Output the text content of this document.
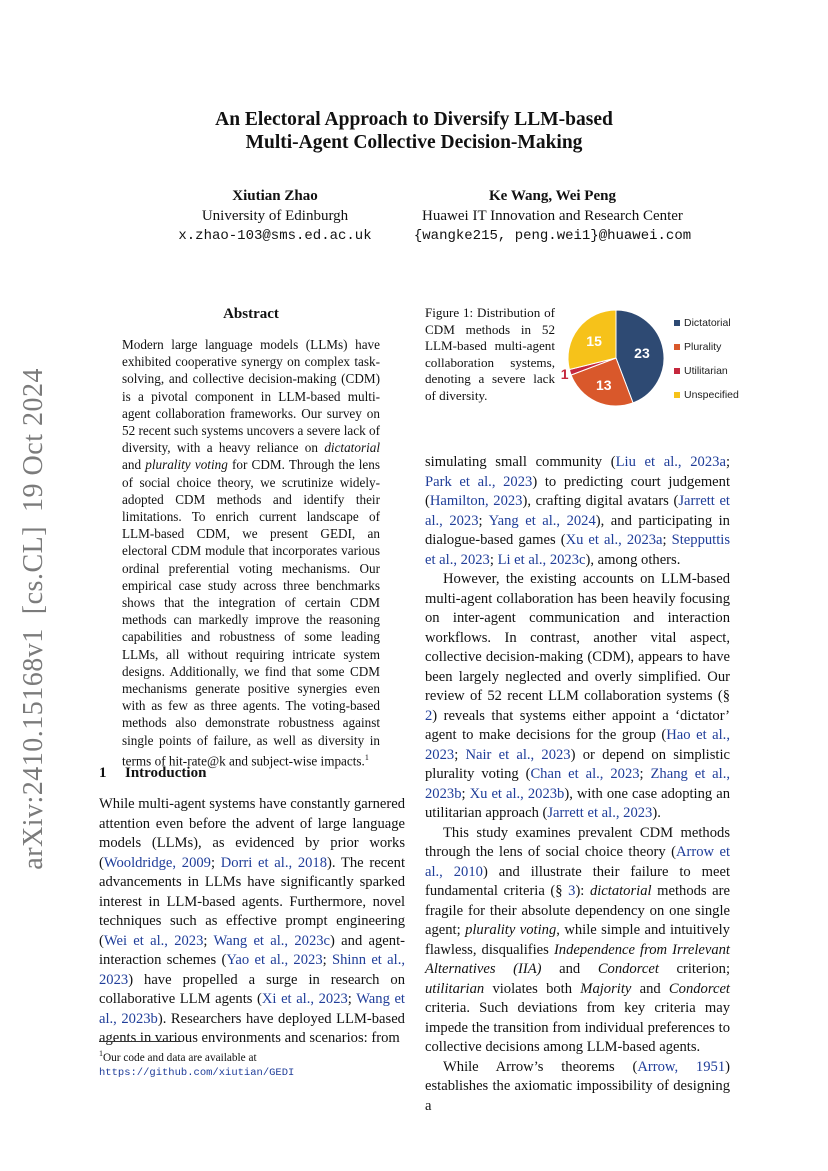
arXiv:2410.15168v1[cs.CL]19 Oct 2024
An Electoral Approach to Diversify LLM-based
Multi-Agent Collective Decision-Making
Xiutian Zhao
University of Edinburgh
x.zhao-103@sms.ed.ac.uk
Ke Wang, Wei Peng
Huawei IT Innovation and Research Center
{wangke215, peng.wei1}@huawei.com
Abstract
Modern large language models (LLMs) have exhibited cooperative synergy on complex task-solving, and collective decision-making (CDM) is a pivotal component in LLM-based multi-agent collaboration frameworks. Our survey on 52 recent such systems uncovers a severe lack of diversity, with a heavy reliance on dictatorial and plurality voting for CDM. Through the lens of social choice theory, we scrutinize widely-adopted CDM methods and identify their limitations. To enrich current landscape of LLM-based CDM, we present GEDI, an electoral CDM module that incorporates various ordinal preferential voting mechanisms. Our empirical case study across three benchmarks shows that the integration of certain CDM methods can markedly improve the reasoning capabilities and robustness of some leading LLMs, all without requiring intricate system designs. Additionally, we find that some CDM mechanisms generate positive synergies even with as few as three agents. The voting-based methods also demonstrate robustness against single points of failure, as well as diversity in terms of hit-rate@k and subject-wise impacts.$^1$
1 Introduction

While multi-agent systems have constantly garnered attention even before the advent of large language models (LLMs), as evidenced by prior works (Wooldridge, 2009; Dorri et al., 2018). The recent advancements in LLMs have significantly sparked interest in LLM-based agents. Furthermore, novel techniques such as effective prompt engineering (Wei et al., 2023; Wang et al., 2023c) and agent-interaction schemes (Yao et al., 2023; Shinn et al., 2023) have propelled a surge in research on collaborative LLM agents (Xi et al., 2023; Wang et al., 2023b). Researchers have deployed LLM-based agents in various environments and scenarios: from

$^1$Our code and data are available at https://github.com/xiutian/GEDI
Figure 1: Distribution of CDM methods in 52 LLM-based multi-agent collaboration systems, denoting a severe lack of diversity.
23
13
1
15
Dictatorial
Plurality
Utilitarian
Unspecified

simulating small community (Liu et al., 2023a; Park et al., 2023) to predicting court judgement (Hamilton, 2023), crafting digital avatars (Jarrett et al., 2023; Yang et al., 2024), and participating in dialogue-based games (Xu et al., 2023a; Stepputtis et al., 2023; Li et al., 2023c), among others.

However, the existing accounts on LLM-based multi-agent collaboration has been heavily focusing on inter-agent communication and interaction workflows. In contrast, another vital aspect, collective decision-making (CDM), appears to have been largely neglected and overly simplified. Our review of 52 recent LLM collaboration systems (§ 2) reveals that systems either appoint a ‘dictator’ agent to make decisions for the group (Hao et al., 2023; Nair et al., 2023) or depend on simplistic plurality voting (Chan et al., 2023; Zhang et al., 2023b; Xu et al., 2023b), with one case adopting an utilitarian approach (Jarrett et al., 2023).

This study examines prevalent CDM methods through the lens of social choice theory (Arrow et al., 2010) and illustrate their failure to meet fundamental criteria (§ 3): dictatorial methods are fragile for their absolute dependency on one single agent; plurality voting, while simple and intuitively flawless, disqualifies Independence from Irrelevant Alternatives (IIA) and Condorcet criterion; utilitarian violates both Majority and Condorcet criteria. Such deviations from key criteria may impede the transition from individual preferences to collective decisions among LLM-based agents.

While Arrow’s theorems (Arrow, 1951) establishes the axiomatic impossibility of designing a
